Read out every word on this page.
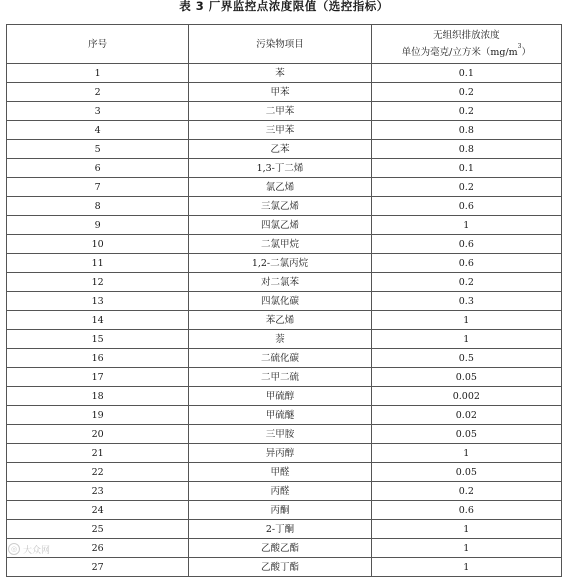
表 3 厂界监控点浓度限值（选控指标）
序号	污染物项目	无组织排放浓度
单位为毫克/立方米$(mg/m^3)$

1	苯	0.1
2	甲苯	0.2
3	二甲苯	0.2
4	三甲苯	0.8
5	乙苯	0.8
6	1,3-丁二烯	0.1
7	氯乙烯	0.2
8	三氯乙烯	0.6
9	四氯乙烯	1
10	二氯甲烷	0.6
11	1,2-二氯丙烷	0.6
12	对二氯苯	0.2
13	四氯化碳	0.3
14	苯乙烯	1
15	萘	1
16	二硫化碳	0.5
17	二甲二硫	0.05
18	甲硫醇	0.002
19	甲硫醚	0.02
20	三甲胺	0.05
21	异丙醇	1
22	甲醛	0.05
23	丙醛	0.2
24	丙酮	0.6
25	2-丁酮	1
26	乙酸乙酯	1
27	乙酸丁酯	1
◎ 大众网
